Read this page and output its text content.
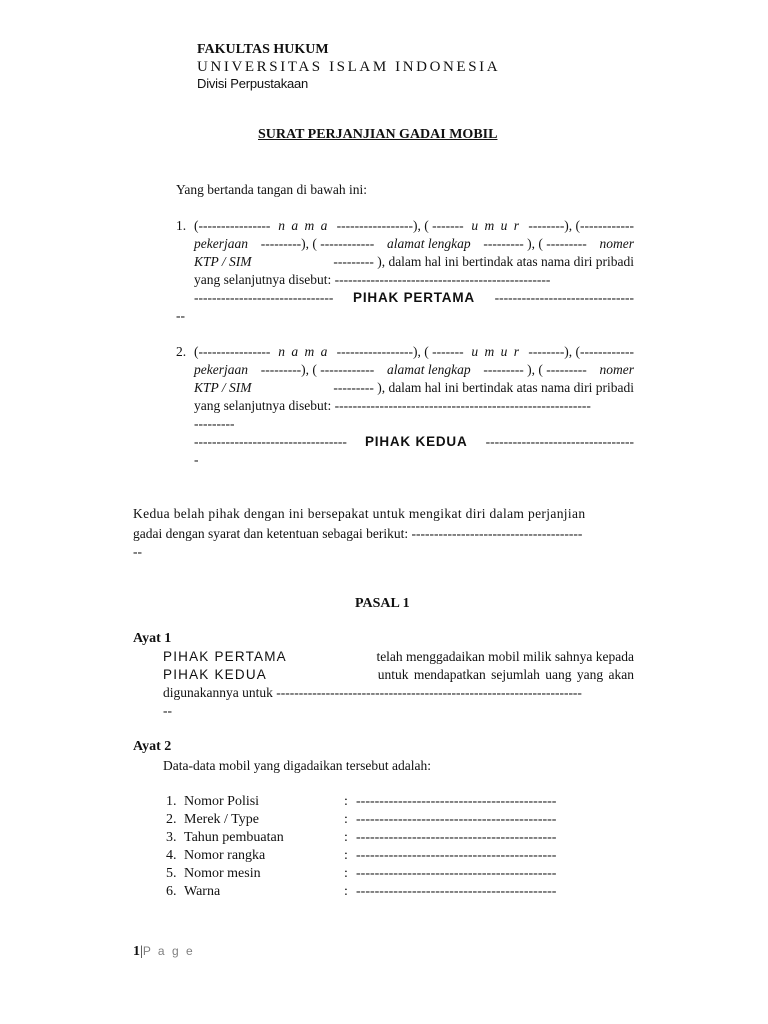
FAKULTAS HUKUM
UNIVERSITAS ISLAM INDONESIA
Divisi Perpustakaan
SURAT PERJANJIAN GADAI MOBIL
Yang bertanda tangan di bawah ini:
1. (---------------- n a m a -----------------), ( ------- u m u r --------), (------------
pekerjaan ---------), ( ------------ alamat lengkap --------- ), ( --------- nomer
KTP / SIM	--------- ), dalam hal ini bertindak atas nama diri pribadi
yang selanjutnya disebut: ------------------------------------------------
------------------------------- PIHAK PERTAMA -------------------------------
--
2. (---------------- n a m a -----------------), ( ------- u m u r --------), (------------
pekerjaan ---------), ( ------------ alamat lengkap --------- ), ( --------- nomer
KTP / SIM	--------- ), dalam hal ini bertindak atas nama diri pribadi
yang selanjutnya disebut: ---------------------------------------------------------
---------
---------------------------------- PIHAK KEDUA ---------------------------------
-
Kedua belah pihak dengan ini bersepakat untuk mengikat diri dalam perjanjian
gadai dengan syarat dan ketentuan sebagai berikut: --------------------------------------
--
PASAL 1
Ayat 1
PIHAK PERTAMA	telah menggadaikan mobil milik sahnya kepada
PIHAK KEDUA	untuk mendapatkan sejumlah uang yang akan
digunakannya untuk --------------------------------------------------------------------
--
Ayat 2
Data-data mobil yang digadaikan tersebut adalah:
1.	Nomor Polisi	:	-------------------------------------------
2.	Merek / Type	:	-------------------------------------------
3.	Tahun pembuatan	:	-------------------------------------------
4.	Nomor rangka	:	-------------------------------------------
5.	Nomor mesin	:	-------------------------------------------
6.	Warna	:	-------------------------------------------
1|P a g e
